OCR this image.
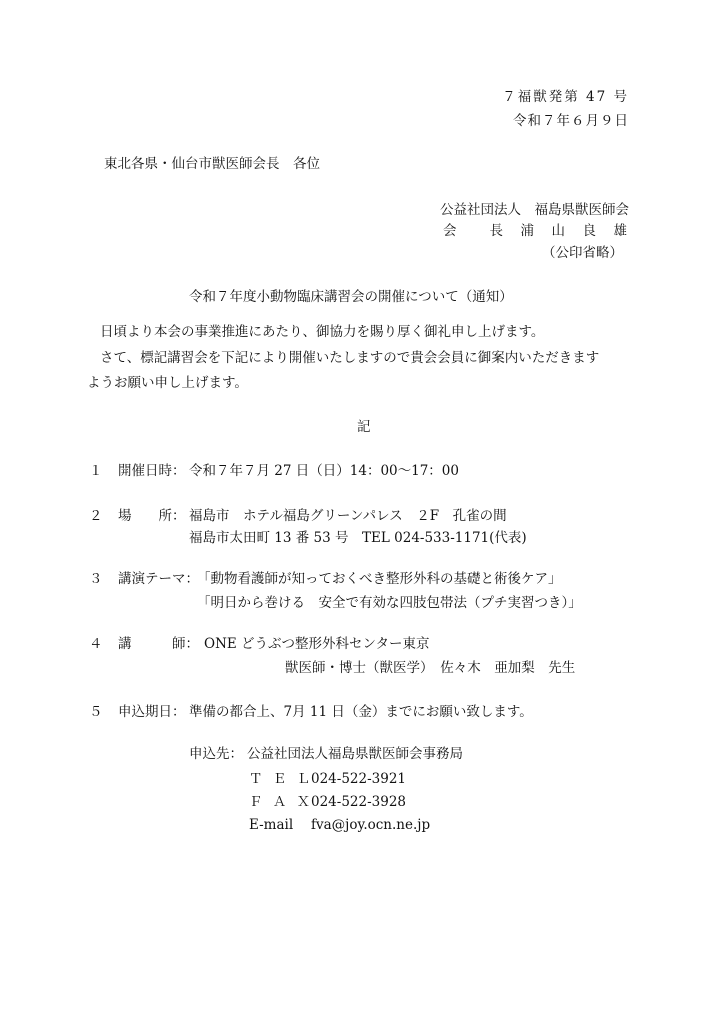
７福獣発第 47 号
令和７年６月９日
東北各県・仙台市獣医師会長　各位
公益社団法人　福島県獣医師会
会　　長　浦　山　良　雄
（公印省略）
令和７年度小動物臨床講習会の開催について（通知）
日頃より本会の事業推進にあたり、御協力を賜り厚く御礼申し上げます。
さて、標記講習会を下記により開催いたしますので貴会会員に御案内いただきます
ようお願い申し上げます。
記
１ 開催日時： 令和７年７月 27 日（日）14：00～17：00
２ 場　　所： 福島市　ホテル福島グリーンパレス　２F　孔雀の間
福島市太田町 13 番 53 号　TEL 024-533-1171(代表)
３ 講演テーマ：
「動物看護師が知っておくべき整形外科の基礎と術後ケア」
「明日から巻ける　安全で有効な四肢包帯法（プチ実習つき）」
４ 講　　　師： ONE どうぶつ整形外科センター東京
獣医師・博士（獣医学）　佐々木　亜加梨　先生
５ 申込期日： 準備の都合上、7月 11 日（金）までにお願い致します。
申込先： 公益社団法人福島県獣医師会事務局
Ｔ Ｅ Ｌ
024-522-3921
Ｆ Ａ Ｘ
024-522-3928
E-mail fva@joy.ocn.ne.jp
